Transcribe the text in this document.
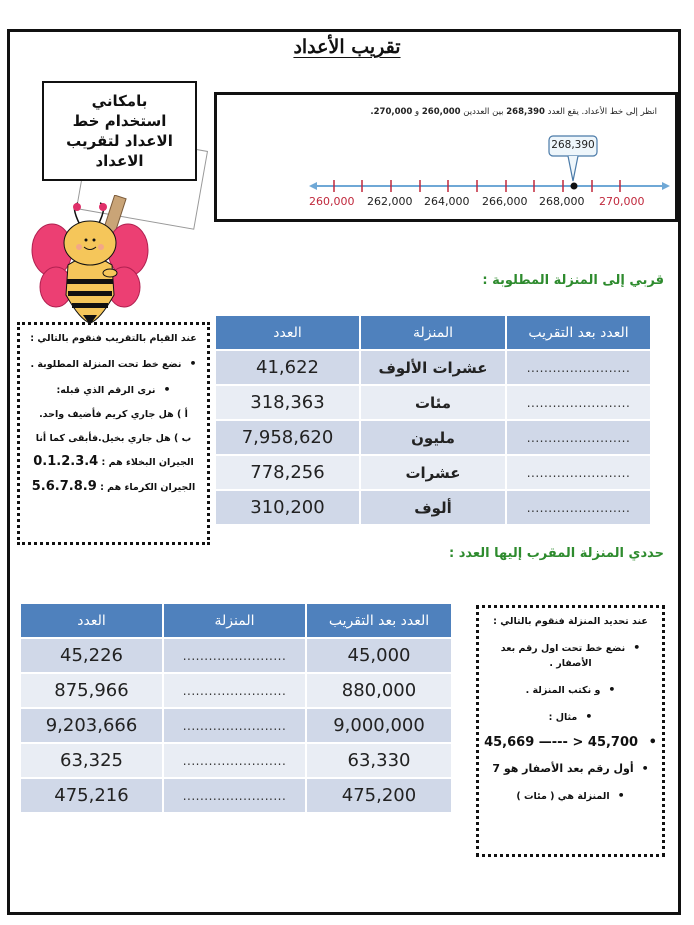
تقريب الأعداد
بامكاني
استخدام خط
الاعداد لتقريب
الاعداد
انظر إلى خط الأعداد. يقع العدد 268,390 بين العددين 260,000 و 270,000.
268,390
260,000 262,000 264,000 266,000 268,000 270,000
قربي إلى المنزلة المطلوبة :

عند القيام بالتقريب فنقوم بالتالي :

• نضع خط تحت المنزلة المطلوبة .

• نرى الرقم الذي قبله:

أ ) هل جاري كريم فأضيف واحد.

ب ) هل جاري بخيل.فأبقى كما أنا

الجيران البخلاء هم : 0.1.2.3.4

الجيران الكرماء هم : 5.6.7.8.9

العدد بعد التقريب	المنزلة	العدد
........................	عشرات الألوف	41,622
........................	مئات	318,363
........................	مليون	7,958,620
........................	عشرات	778,256
........................	ألوف	310,200
حددي المنزلة المقرب إليها العدد :
العدد بعد التقريب	المنزلة	العدد
45,000	........................	45,226
880,000	........................	875,966
9,000,000	........................	9,203,666
63,330	........................	63,325
475,200	........................	475,216

عند تحديد المنزلة فنقوم بالتالي :

• نضع خط تحت اول رقم بعد

الأصفار .

• و نكتب المنزلة .

• مثال :

• 45,669 —--- > 45,700

• أول رقم بعد الأصفار هو 7

• المنزلة هي ( مئات )
